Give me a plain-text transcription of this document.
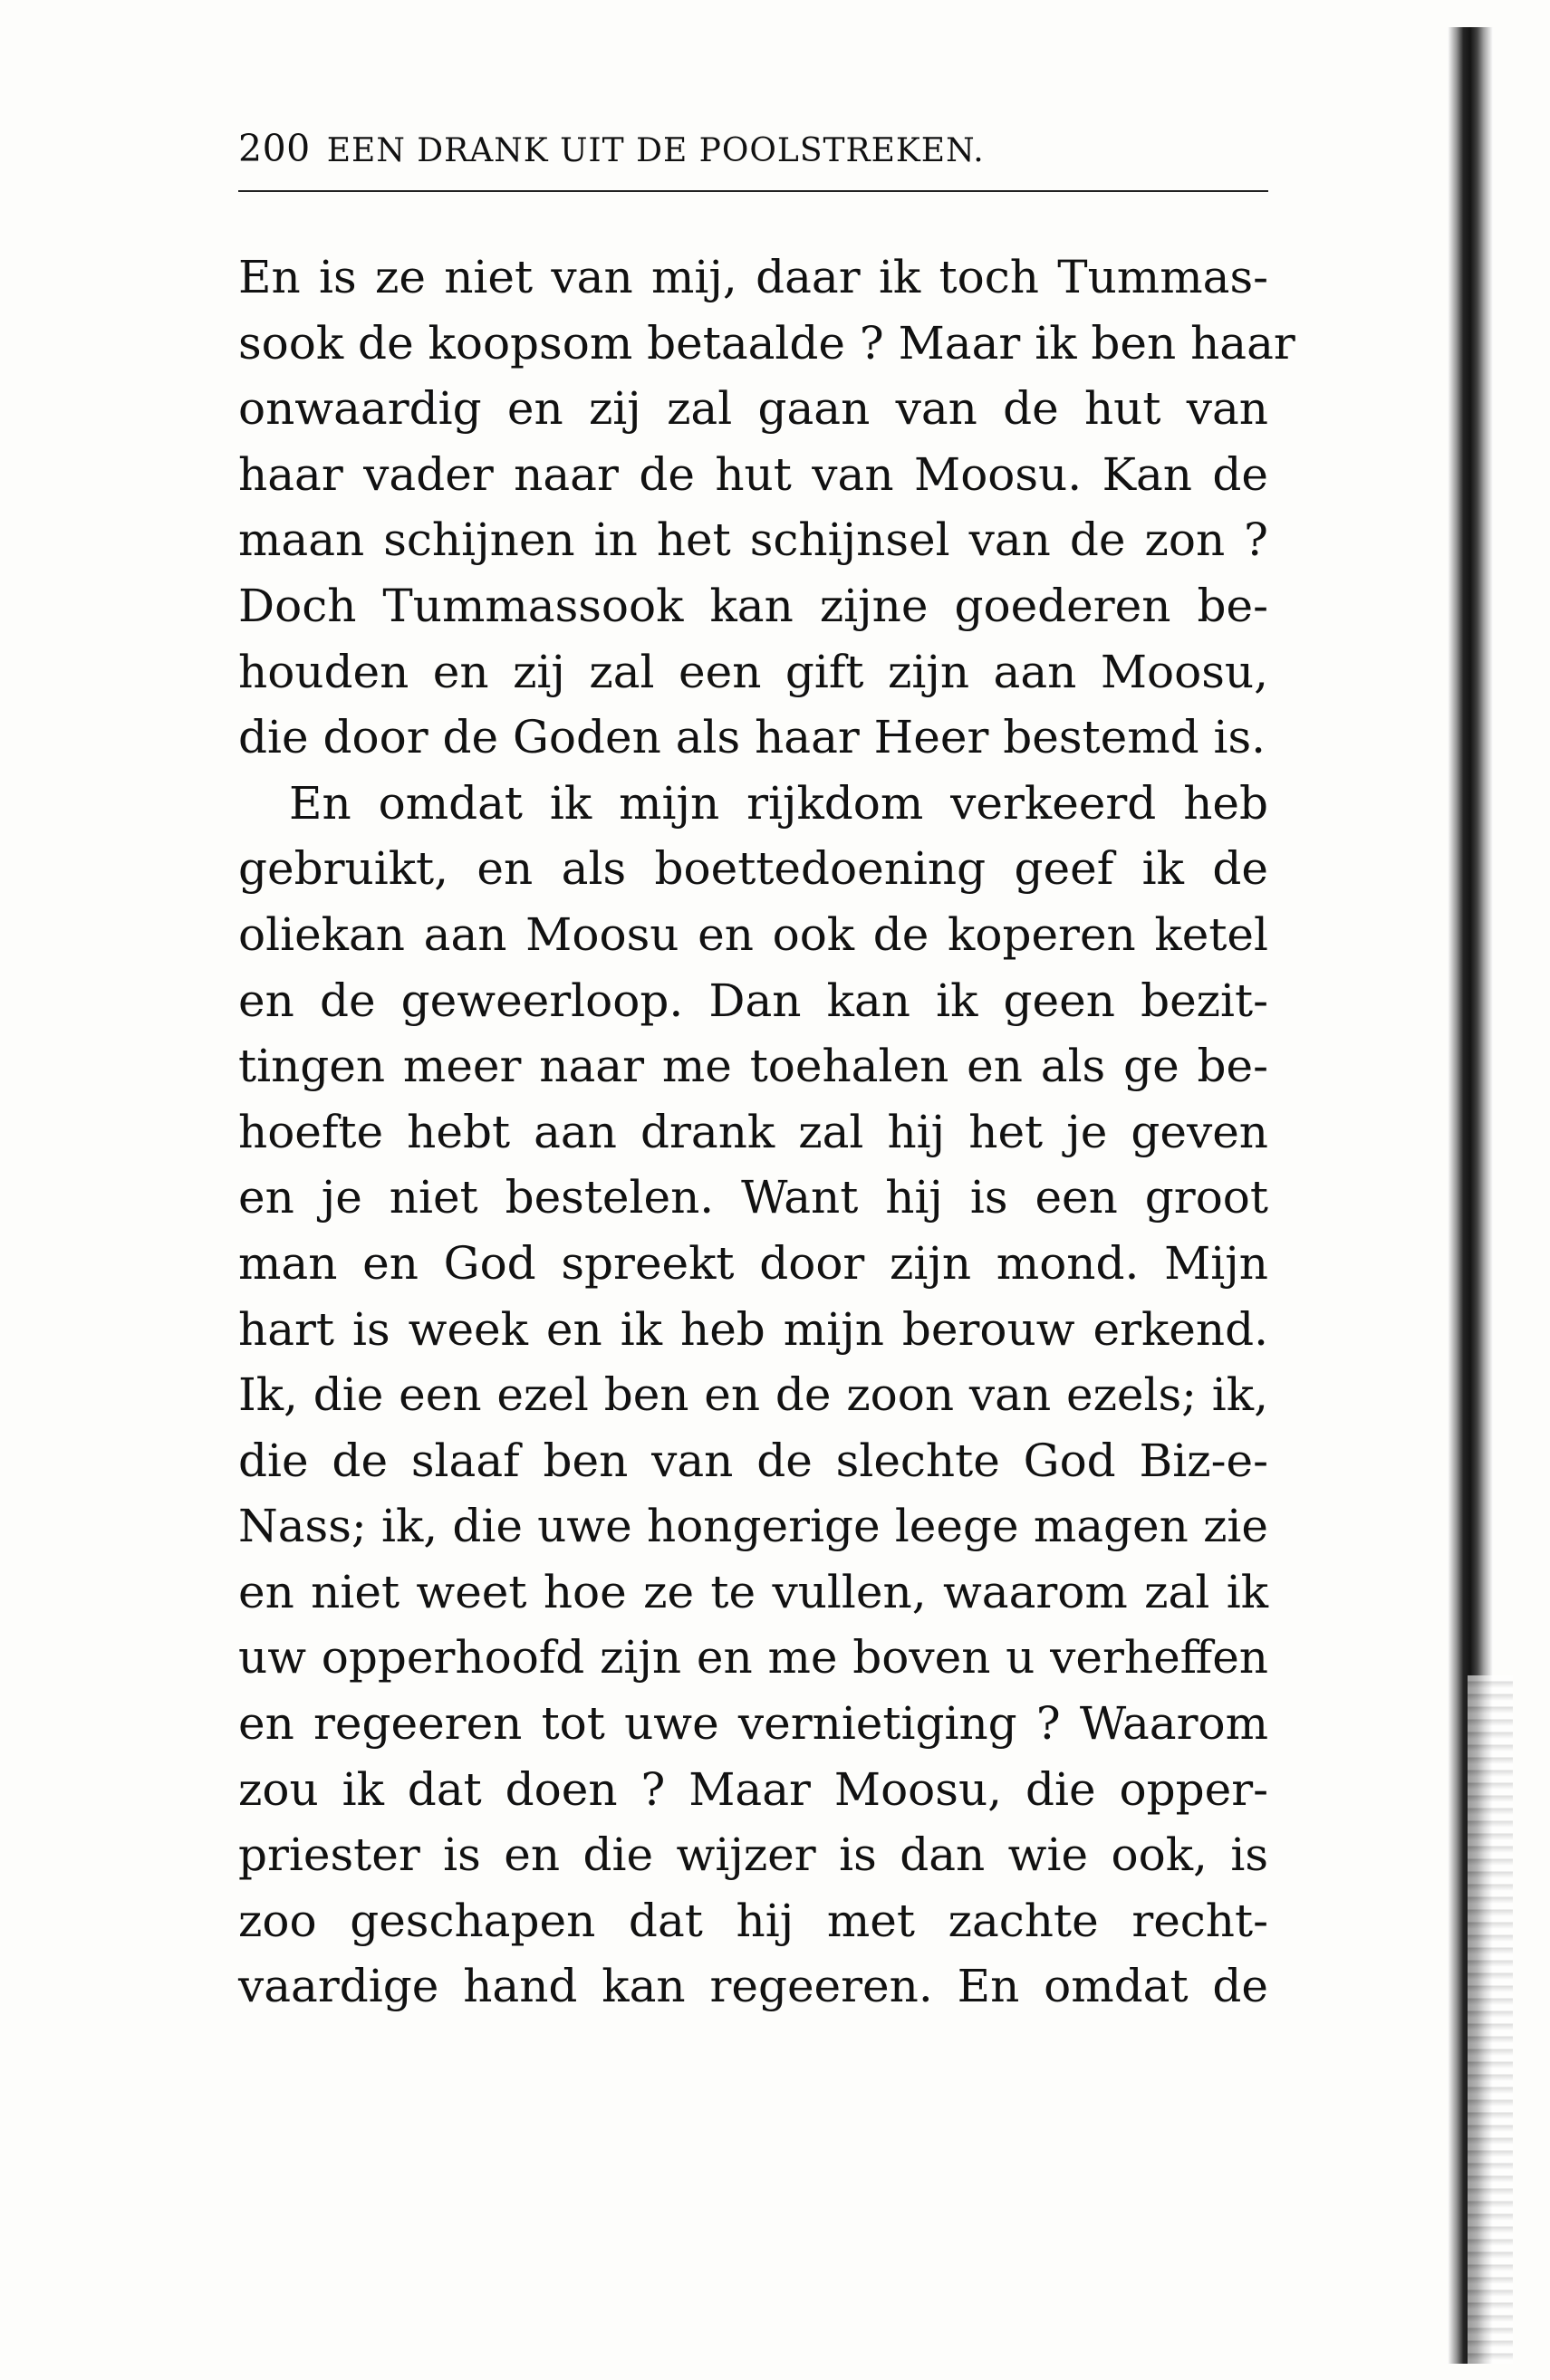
200 EEN DRANK UIT DE POOLSTREKEN.
En is ze niet van mij, daar ik toch Tummas-
sook de koopsom betaalde ? Maar ik ben haar
onwaardig en zij zal gaan van de hut van
haar vader naar de hut van Moosu. Kan de
maan schijnen in het schijnsel van de zon ?
Doch Tummassook kan zijne goederen be-
houden en zij zal een gift zijn aan Moosu,
die door de Goden als haar Heer bestemd is.
En omdat ik mijn rijkdom verkeerd heb
gebruikt, en als boettedoening geef ik de
oliekan aan Moosu en ook de koperen ketel
en de geweerloop. Dan kan ik geen bezit-
tingen meer naar me toehalen en als ge be-
hoefte hebt aan drank zal hij het je geven
en je niet bestelen. Want hij is een groot
man en God spreekt door zijn mond. Mijn
hart is week en ik heb mijn berouw erkend.
Ik, die een ezel ben en de zoon van ezels; ik,
die de slaaf ben van de slechte God Biz-e-
Nass; ik, die uwe hongerige leege magen zie
en niet weet hoe ze te vullen, waarom zal ik
uw opperhoofd zijn en me boven u verheffen
en regeeren tot uwe vernietiging ? Waarom
zou ik dat doen ? Maar Moosu, die opper-
priester is en die wijzer is dan wie ook, is
zoo geschapen dat hij met zachte recht-
vaardige hand kan regeeren. En omdat de
